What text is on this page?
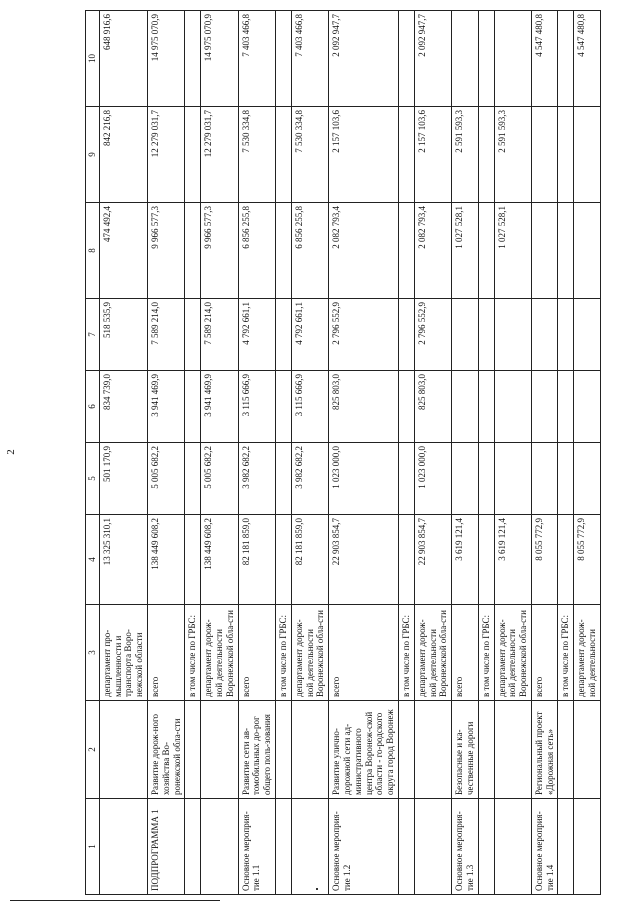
2
1	2	3	4	5	6	7	8	9	10
		департамент про-мышленности и транспорта Воро-нежской области	13 325 310,1	501 170,9	834 739,0	518 535,9	474 492,4	842 216,8	648 916,6
ПОДПРОГРАММА 1	Развитие дорож-ного хозяйства Во-ронежской обла-сти	всего	138 449 608,2	5 005 682,2	3 941 469,9	7 589 214,0	9 966 577,3	12 279 031,7	14 975 070,9
		в том числе по ГРБС:							
		департамент дорож-ной деятельности Воронежской обла-сти	138 449 608,2	5 005 682,2	3 941 469,9	7 589 214,0	9 966 577,3	12 279 031,7	14 975 070,9
Основное мероприя-тие 1.1	Развитие сети ав-томобильных до-рог общего поль-зования	всего	82 181 859,0	3 982 682,2	3 115 666,9	4 792 661,1	6 856 255,8	7 530 334,8	7 403 466,8
		в том числе по ГРБС:							
		департамент дорож-ной деятельности Воронежской обла-сти	82 181 859,0	3 982 682,2	3 115 666,9	4 792 661,1	6 856 255,8	7 530 334,8	7 403 466,8
Основное мероприя-тие 1.2	Развитие улично-дорожной сети ад-министративного центра Воронеж-ской области - го-родского округа город Воронеж	всего	22 903 854,7	1 023 000,0	825 803,0	2 796 552,9	2 082 793,4	2 157 103,6	2 092 947,7
		в том числе по ГРБС:							
		департамент дорож-ной деятельности Воронежской обла-сти	22 903 854,7	1 023 000,0	825 803,0	2 796 552,9	2 082 793,4	2 157 103,6	2 092 947,7
Основное мероприя-тие 1.3	Безопасные и ка-чественные дороги	всего	3 619 121,4				1 027 528,1	2 591 593,3	
		в том числе по ГРБС:							
		департамент дорож-ной деятельности Воронежской обла-сти	3 619 121,4				1 027 528,1	2 591 593,3	
Основное мероприя-тие 1.4	Региональный проект «Дорожная сеть»	всего	8 055 772,9						4 547 480,8
		в том числе по ГРБС:							
		департамент дорож-ной деятельности	8 055 772,9						4 547 480,8
